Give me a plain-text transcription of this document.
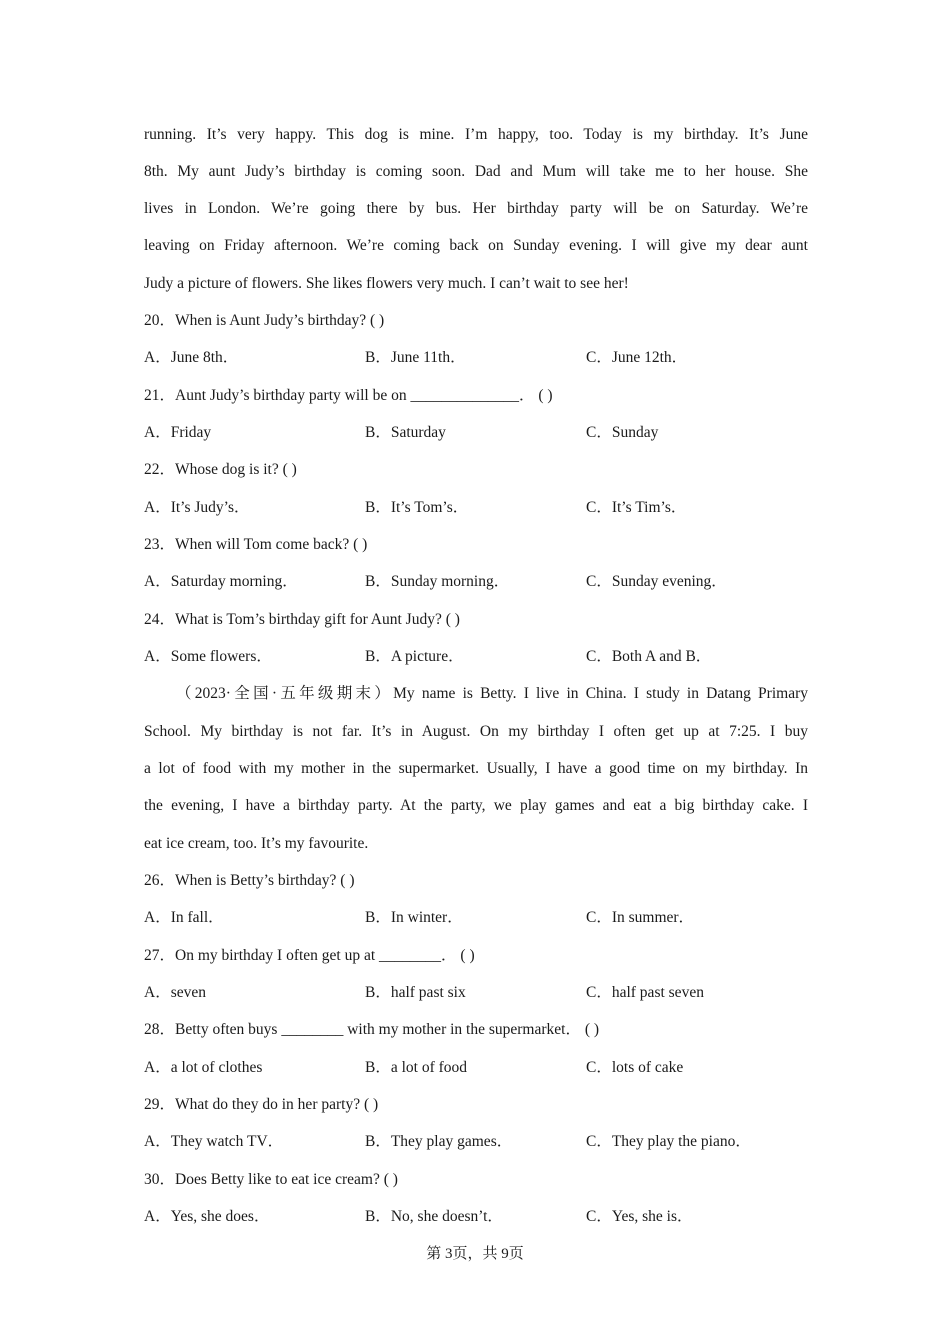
running. It’s very happy. This dog is mine. I’m happy, too. Today is my birthday. It’s June
8th. My aunt Judy’s birthday is coming soon. Dad and Mum will take me to her house. She
lives in London. We’re going there by bus. Her birthday party will be on Saturday. We’re
leaving on Friday afternoon. We’re coming back on Sunday evening. I will give my dear aunt
Judy a picture of flowers. She likes flowers very much. I can’t wait to see her!
20．When is Aunt Judy’s birthday? ( )
A．June 8th．	B．June 11th．	C．June 12th．
21．Aunt Judy’s birthday party will be on ______________． ( )
A．Friday	B．Saturday	C．Sunday
22．Whose dog is it? ( )
A．It’s Judy’s．	B．It’s Tom’s．	C．It’s Tim’s．
23．When will Tom come back? ( )
A．Saturday morning．	B．Sunday morning．	C．Sunday evening．
24．What is Tom’s birthday gift for Aunt Judy? ( )
A．Some flowers．	B．A picture．	C．Both A and B．
（2023·全国·五年级期末）My name is Betty. I live in China. I study in Datang Primary
School. My birthday is not far. It’s in August. On my birthday I often get up at 7:25. I buy
a lot of food with my mother in the supermarket. Usually, I have a good time on my birthday. In
the evening, I have a birthday party. At the party, we play games and eat a big birthday cake. I
eat ice cream, too. It’s my favourite.
26．When is Betty’s birthday? ( )
A．In fall．	B．In winter．	C．In summer．
27．On my birthday I often get up at ________． ( )
A．seven	B．half past six	C．half past seven
28．Betty often buys ________ with my mother in the supermarket． ( )
A．a lot of clothes	B．a lot of food	C．lots of cake
29．What do they do in her party? ( )
A．They watch TV．	B．They play games．	C．They play the piano．
30．Does Betty like to eat ice cream? ( )
A．Yes, she does．	B．No, she doesn’t．	C．Yes, she is．
第 3页，共 9页
